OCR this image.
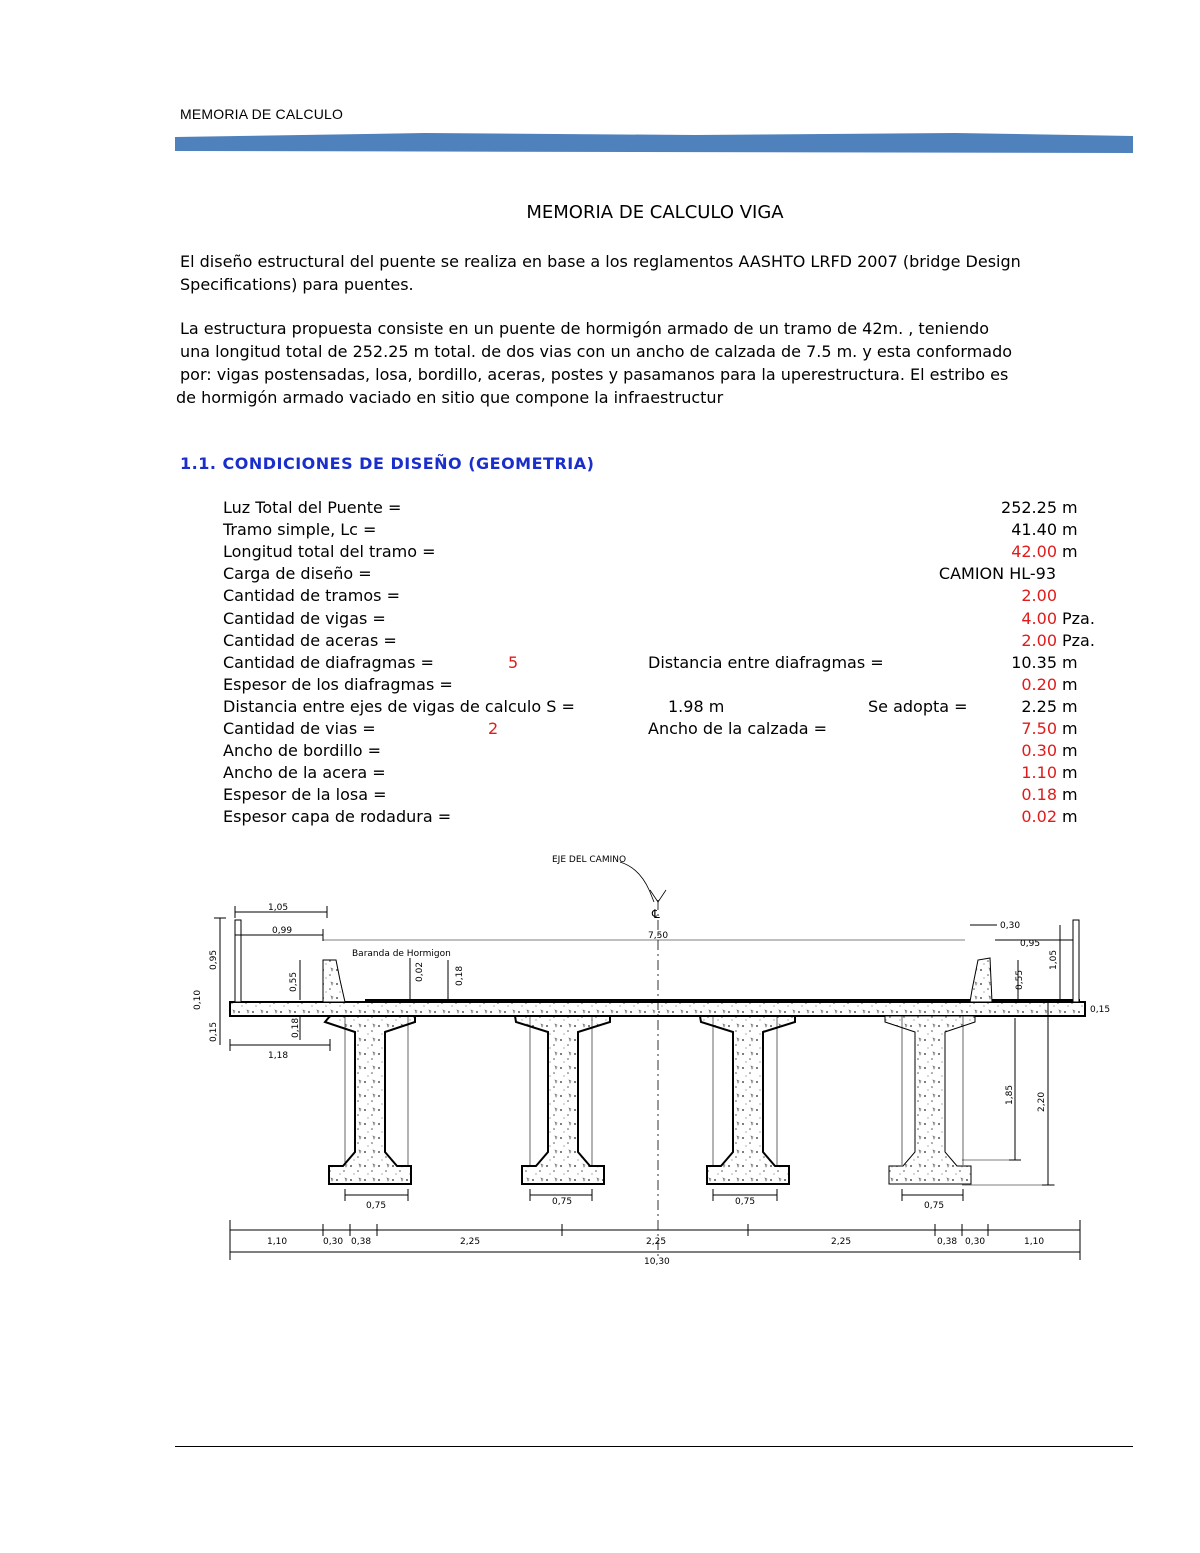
MEMORIA DE CALCULO
MEMORIA DE CALCULO VIGA
El diseño estructural del puente se realiza en base a los reglamentos AASHTO LRFD 2007 (bridge Design Specifications) para puentes.
La estructura propuesta consiste en un puente de hormigón armado de un tramo de 42m. , teniendo
una longitud total de 252.25 m total. de dos vias con un ancho de calzada de 7.5 m. y esta conformado
por: vigas postensadas, losa, bordillo, aceras, postes y pasamanos para la uperestructura. El estribo es
de hormigón armado vaciado en sitio que compone la infraestructur
1.1. CONDICIONES DE DISEÑO (GEOMETRIA)
Luz Total del Puente =	252.25 m
Tramo simple, Lc =	41.40 m
Longitud total del tramo =	42.00 m
Carga de diseño =	CAMION HL-93
Cantidad de tramos =	2.00
Cantidad de vigas =	4.00 Pza.
Cantidad de aceras =	2.00 Pza.
Cantidad de diafragmas =	5	Distancia entre diafragmas =	10.35 m
Espesor de los diafragmas =	0.20 m
Distancia entre ejes de vigas de calculo S =	1.98 m	Se adopta =	2.25 m
Cantidad de vias =	2	Ancho de la calzada =	7.50 m
Ancho de bordillo =	0.30 m
Ancho de la acera =	1.10 m
Espesor de la losa =	0.18 m
Espesor capa de rodadura =	0.02 m
EJE DEL CAMINO
℄
Baranda de Hormigon
1,05
0,99	7,50
0,30
0,95
0,95
0,55	0,02	0,18	0,55
1,05
0,10
0,15	0,18
0,15
1,18
1,85 2,20
0,75	0,75	0,75	0,75
1,10	0,30 0,38	2,25	2,25	2,25	0,38 0,30	1,10
10,30
